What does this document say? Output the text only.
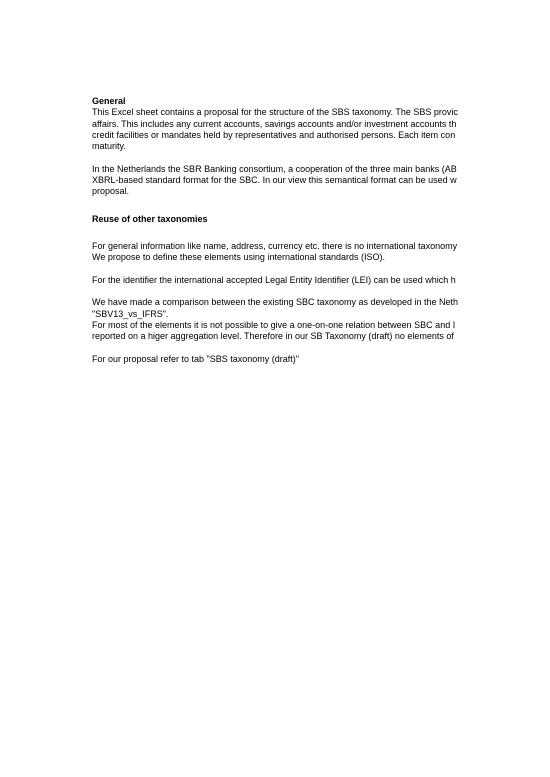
General
This Excel sheet contains a proposal for the structure of the SBS taxonomy. The SBS provic
affairs. This includes any current accounts, savings accounts and/or investment accounts th
credit facilities or mandates held by representatives and authorised persons. Each item con
maturity.
In the Netherlands the SBR Banking consortium, a cooperation of the three main banks (AB
XBRL-based standard format for the SBC. In our view this semantical format can be used w
proposal.
Reuse of other taxonomies
For general information like name, address, currency etc. there is no international taxonomy
We propose to define these elements using international standards (ISO).
For the identifier the international accepted Legal Entity Identifier (LEI) can be used which h
We have made a comparison between the existing SBC taxonomy as developed in the Neth
"SBV13_vs_IFRS".
For most of the elements it is not possible to give a one-on-one relation between SBC and I
reported on a higer aggregation level. Therefore in our SB Taxonomy (draft) no elements of
For our proposal refer to tab "SBS taxonomy (draft)"
